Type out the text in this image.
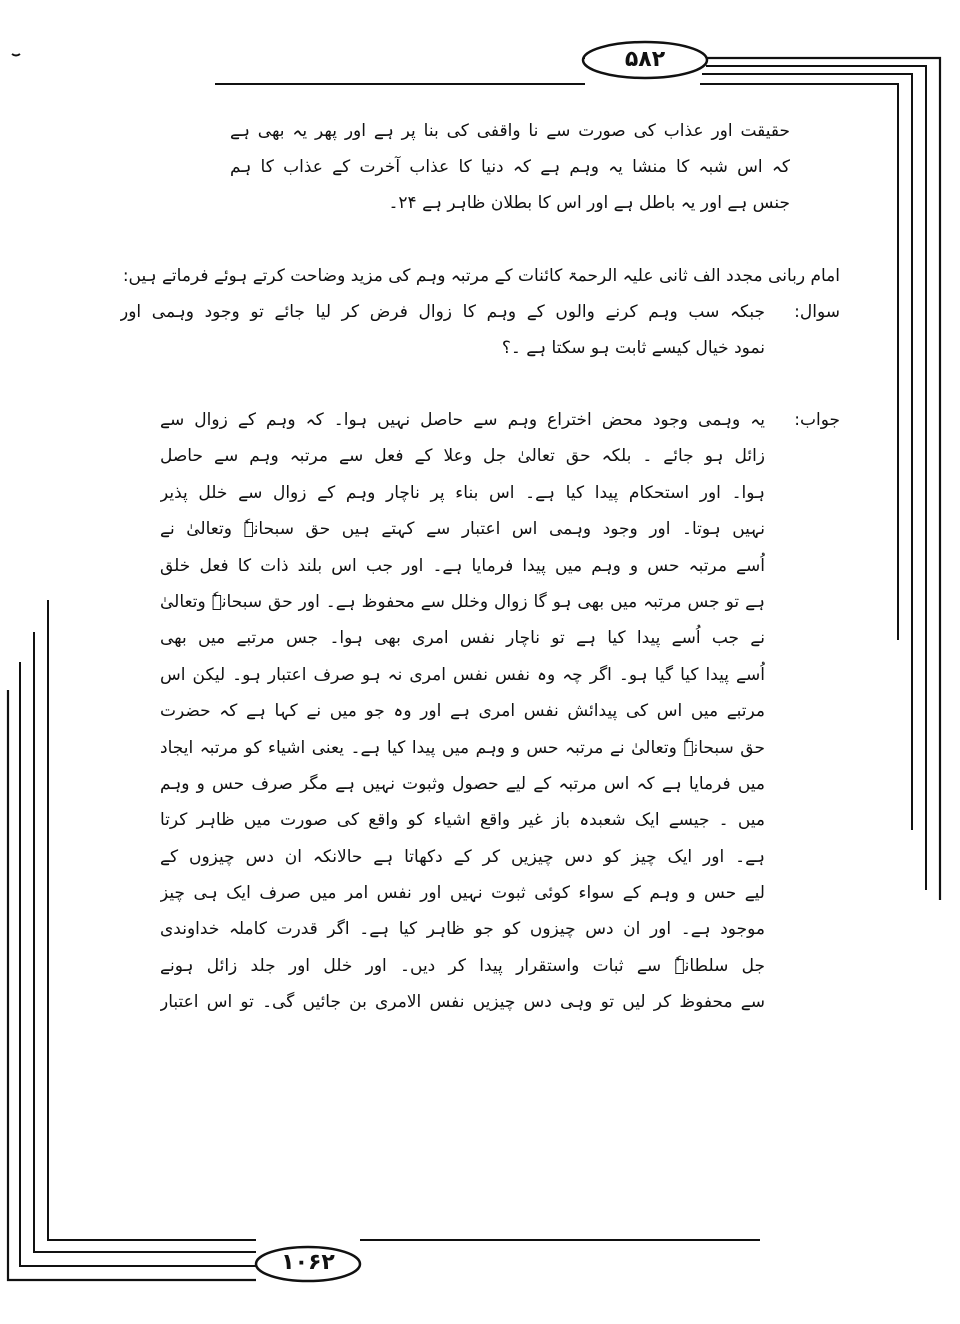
۵۸۲
۱۰۶۲
حقیقت اور عذاب کی صورت سے نا واقفی کی بنا پر ہے اور پھر یہ بھی ہے
کہ اس شبہ کا منشا یہ وہم ہے کہ دنیا کا عذاب آخرت کے عذاب کا ہم
جنس ہے اور یہ باطل ہے اور اس کا بطلان ظاہر ہے ۲۴۔
امام ربانی مجدد الف ثانی علیہ الرحمۃ کائنات کے مرتبہ وہم کی مزید وضاحت کرتے ہوئے فرماتے ہیں:
سوال:
جبکہ سب وہم کرنے والوں کے وہم کا زوال فرض کر لیا جائے تو وجود وہمی اور
نمود خیال کیسے ثابت ہو سکتا ہے ۔؟
جواب:
یہ وہمی وجود محض اختراع وہم سے حاصل نہیں ہوا۔ کہ وہم کے زوال سے
زائل ہو جائے ۔ بلکہ حق تعالیٰ جل وعلا کے فعل سے مرتبہ وہم سے حاصل
ہوا۔ اور استحکام پیدا کیا ہے۔ اس بناء پر ناچار وہم کے زوال سے خلل پذیر
نہیں ہوتا۔ اور وجود وہمی اس اعتبار سے کہتے ہیں حق سبحانہٗ وتعالیٰ نے
اُسے مرتبہ حس و وہم میں پیدا فرمایا ہے۔ اور جب اس بلند ذات کا فعل خلق
ہے تو جس مرتبہ میں بھی ہو گا زوال وخلل سے محفوظ ہے۔ اور حق سبحانہٗ وتعالیٰ
نے جب اُسے پیدا کیا ہے تو ناچار نفس امری بھی ہوا۔ جس مرتبے میں بھی
اُسے پیدا کیا گیا ہو۔ اگر چہ وہ نفس نفس امری نہ ہو صرف اعتبار ہو۔ لیکن اس
مرتبے میں اس کی پیدائش نفس امری ہے اور وہ جو میں نے کہا ہے کہ حضرت
حق سبحانہٗ وتعالیٰ نے مرتبہ حس و وہم میں پیدا کیا ہے۔ یعنی اشیاء کو مرتبہ ایجاد
میں فرمایا ہے کہ اس مرتبہ کے لیے حصول وثبوت نہیں ہے مگر صرف حس و وہم
میں ۔ جیسے ایک شعبدہ باز غیر واقع اشیاء کو واقع کی صورت میں ظاہر کرتا
ہے۔ اور ایک چیز کو دس چیزیں کر کے دکھاتا ہے حالانکہ ان دس چیزوں کے
لیے حس و وہم کے سواء کوئی ثبوت نہیں اور نفس امر میں صرف ایک ہی چیز
موجود ہے۔ اور ان دس چیزوں کو جو ظاہر کیا ہے۔ اگر قدرت کاملہ خداوندی
جل سلطانہٗ سے ثبات واستقرار پیدا کر دیں۔ اور خلل اور جلد زائل ہونے
سے محفوظ کر لیں تو وہی دس چیزیں نفس الامری بن جائیں گی۔ تو اس اعتبار
